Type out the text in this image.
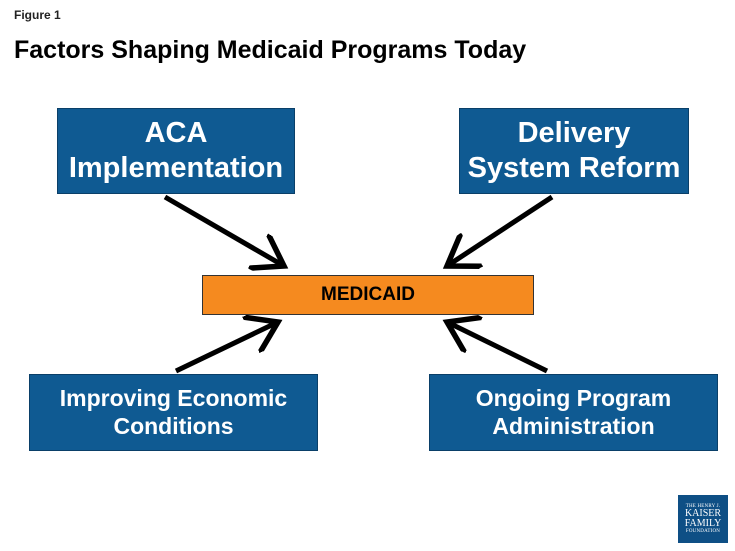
Figure 1
Factors Shaping Medicaid Programs Today
ACA
Implementation
Delivery
System Reform
MEDICAID
Improving Economic
Conditions
Ongoing Program
Administration
THE HENRY J.
KAISER
FAMILY
FOUNDATION
